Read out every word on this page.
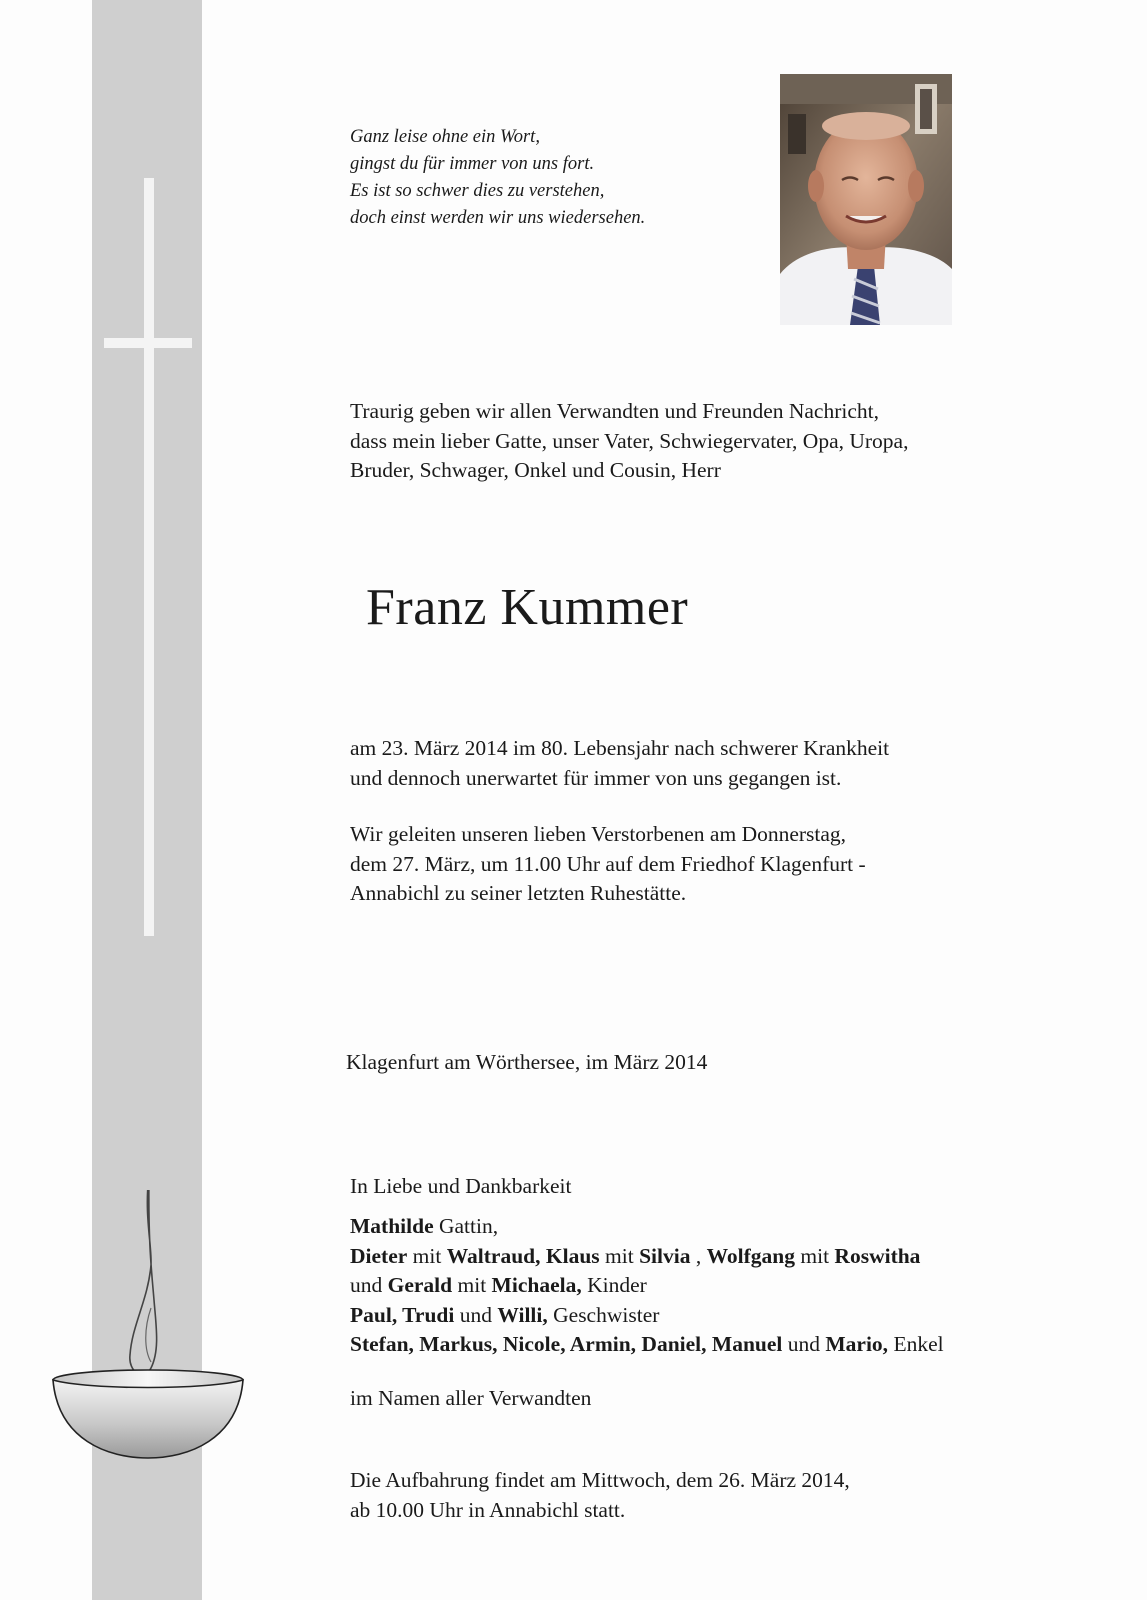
Ganz leise ohne ein Wort,
gingst du für immer von uns fort.
Es ist so schwer dies zu verstehen,
doch einst werden wir uns wiedersehen.

Traurig geben wir allen Verwandten und Freunden Nachricht,
dass mein lieber Gatte, unser Vater, Schwiegervater, Opa, Uropa,
Bruder, Schwager, Onkel und Cousin, Herr

Franz Kummer

am 23. März 2014 im 80. Lebensjahr nach schwerer Krankheit
und dennoch unerwartet für immer von uns gegangen ist.

Wir geleiten unseren lieben Verstorbenen am Donnerstag,
dem 27. März, um 11.00 Uhr auf dem Friedhof Klagenfurt -
Annabichl zu seiner letzten Ruhestätte.

Klagenfurt am Wörthersee, im März 2014

In Liebe und Dankbarkeit

Mathilde Gattin,
Dieter mit Waltraud, Klaus mit Silvia , Wolfgang mit Roswitha
und Gerald mit Michaela, Kinder
Paul, Trudi und Willi, Geschwister
Stefan, Markus, Nicole, Armin, Daniel, Manuel und Mario, Enkel

im Namen aller Verwandten

Die Aufbahrung findet am Mittwoch, dem 26. März 2014,
ab 10.00 Uhr in Annabichl statt.
